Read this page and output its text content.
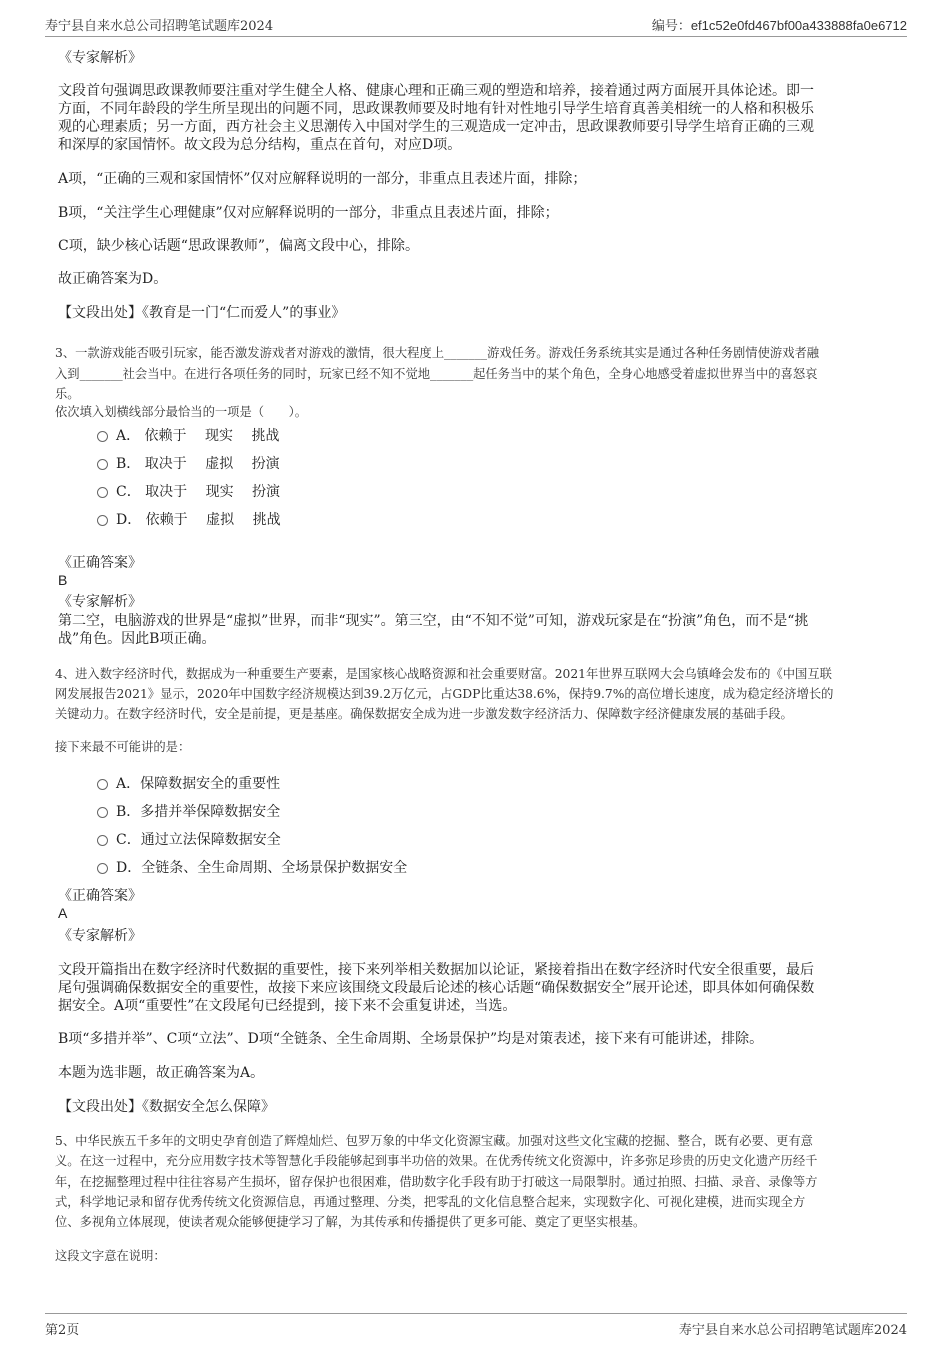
寿宁县自来水总公司招聘笔试题库2024	编号：ef1c52e0fd467bf00a433888fa0e6712
《专家解析》
文段首句强调思政课教师要注重对学生健全人格、健康心理和正确三观的塑造和培养，接着通过两方面展开具体论述。即一
方面，不同年龄段的学生所呈现出的问题不同，思政课教师要及时地有针对性地引导学生培育真善美相统一的人格和积极乐
观的心理素质；另一方面，西方社会主义思潮传入中国对学生的三观造成一定冲击，思政课教师要引导学生培育正确的三观
和深厚的家国情怀。故文段为总分结构，重点在首句，对应D项。
A项，“正确的三观和家国情怀”仅对应解释说明的一部分，非重点且表述片面，排除；
B项，“关注学生心理健康”仅对应解释说明的一部分，非重点且表述片面，排除；
C项，缺少核心话题“思政课教师”，偏离文段中心，排除。
故正确答案为D。
【文段出处】《教育是一门“仁而爱人”的事业》
3、一款游戏能否吸引玩家，能否激发游戏者对游戏的激情，很大程度上_______游戏任务。游戏任务系统其实是通过各种任务剧情使游戏者融
入到_______社会当中。在进行各项任务的同时，玩家已经不知不觉地_______起任务当中的某个角色，全身心地感受着虚拟世界当中的喜怒哀
乐。
依次填入划横线部分最恰当的一项是（　　）。
A． 依赖于　 现实　 挑战
B． 取决于　 虚拟　 扮演
C． 取决于　 现实　 扮演
D． 依赖于　 虚拟　 挑战
《正确答案》
B
《专家解析》
第二空，电脑游戏的世界是“虚拟”世界，而非“现实”。第三空，由“不知不觉”可知，游戏玩家是在“扮演”角色，而不是“挑
战”角色。因此B项正确。
4、进入数字经济时代，数据成为一种重要生产要素，是国家核心战略资源和社会重要财富。2021年世界互联网大会乌镇峰会发布的《中国互联
网发展报告2021》显示，2020年中国数字经济规模达到39.2万亿元，占GDP比重达38.6%，保持9.7%的高位增长速度，成为稳定经济增长的
关键动力。在数字经济时代，安全是前提，更是基座。确保数据安全成为进一步激发数字经济活力、保障数字经济健康发展的基础手段。
接下来最不可能讲的是：
A．保障数据安全的重要性
B．多措并举保障数据安全
C．通过立法保障数据安全
D．全链条、全生命周期、全场景保护数据安全
《正确答案》
A
《专家解析》
文段开篇指出在数字经济时代数据的重要性，接下来列举相关数据加以论证，紧接着指出在数字经济时代安全很重要，最后
尾句强调确保数据安全的重要性，故接下来应该围绕文段最后论述的核心话题“确保数据安全”展开论述，即具体如何确保数
据安全。A项“重要性”在文段尾句已经提到，接下来不会重复讲述，当选。
B项“多措并举”、C项“立法”、D项“全链条、全生命周期、全场景保护”均是对策表述，接下来有可能讲述，排除。
本题为选非题，故正确答案为A。
【文段出处】《数据安全怎么保障》
5、中华民族五千多年的文明史孕育创造了辉煌灿烂、包罗万象的中华文化资源宝藏。加强对这些文化宝藏的挖掘、整合，既有必要、更有意
义。在这一过程中，充分应用数字技术等智慧化手段能够起到事半功倍的效果。在优秀传统文化资源中，许多弥足珍贵的历史文化遗产历经千
年，在挖掘整理过程中往往容易产生损坏，留存保护也很困难，借助数字化手段有助于打破这一局限掣肘。通过拍照、扫描、录音、录像等方
式，科学地记录和留存优秀传统文化资源信息，再通过整理、分类，把零乱的文化信息整合起来，实现数字化、可视化建模，进而实现全方
位、多视角立体展现，使读者观众能够便捷学习了解，为其传承和传播提供了更多可能、奠定了更坚实根基。
这段文字意在说明：
第2页	寿宁县自来水总公司招聘笔试题库2024
